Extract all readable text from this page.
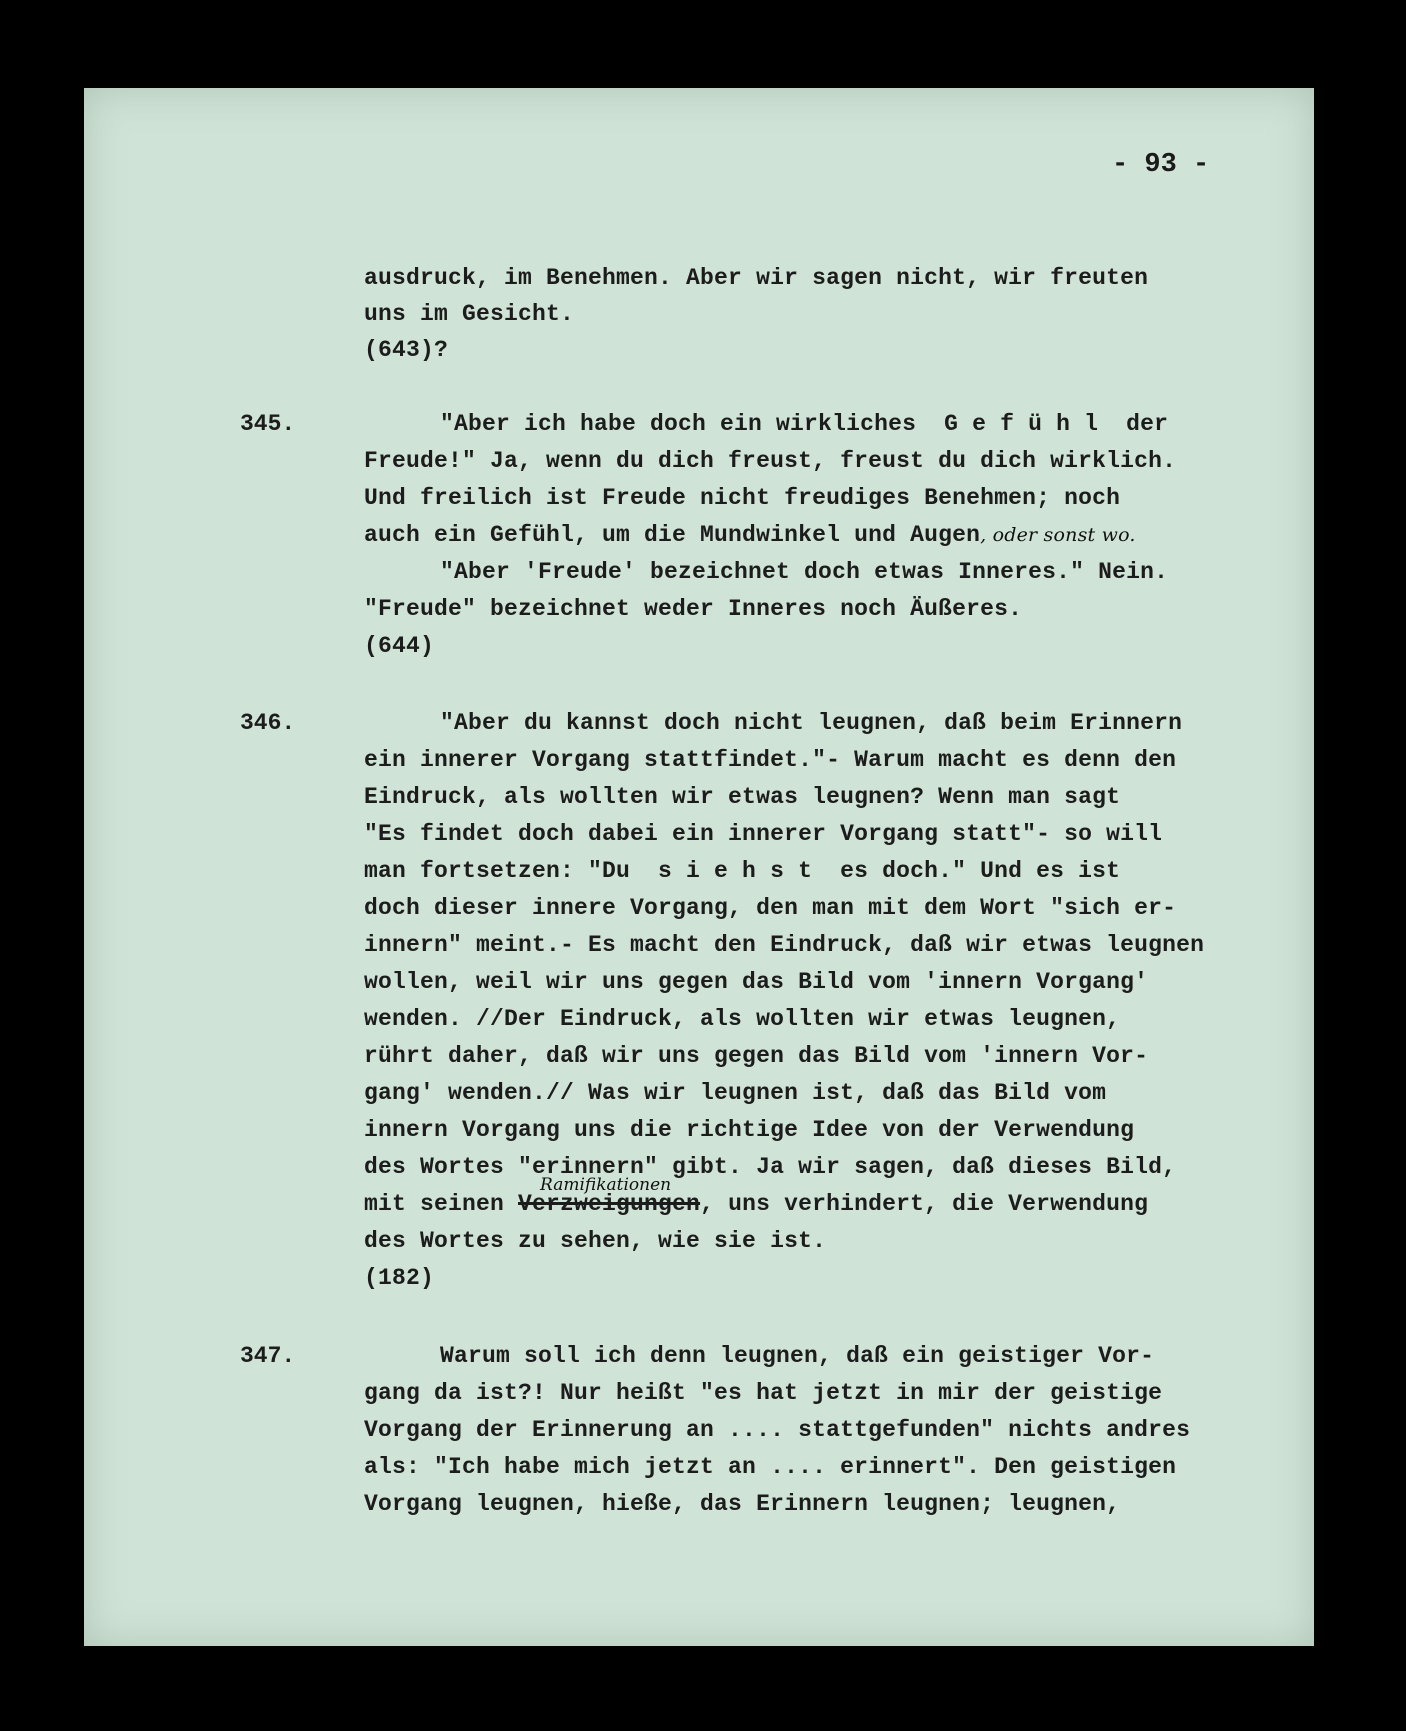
- 93 -
ausdruck, im Benehmen. Aber wir sagen nicht, wir freuten
uns im Gesicht.
(643)?
345.	"Aber ich habe doch ein wirkliches  G e f ü h l  der
Freude!" Ja, wenn du dich freust, freust du dich wirklich.
Und freilich ist Freude nicht freudiges Benehmen; noch
auch ein Gefühl, um die Mundwinkel und Augen, oder sonst wo.
"Aber 'Freude' bezeichnet doch etwas Inneres." Nein.
"Freude" bezeichnet weder Inneres noch Äußeres.
(644)
346.	"Aber du kannst doch nicht leugnen, daß beim Erinnern
ein innerer Vorgang stattfindet."- Warum macht es denn den
Eindruck, als wollten wir etwas leugnen? Wenn man sagt
"Es findet doch dabei ein innerer Vorgang statt"- so will
man fortsetzen: "Du  s i e h s t  es doch." Und es ist
doch dieser innere Vorgang, den man mit dem Wort "sich er-
innern" meint.- Es macht den Eindruck, daß wir etwas leugnen
wollen, weil wir uns gegen das Bild vom 'innern Vorgang'
wenden. //Der Eindruck, als wollten wir etwas leugnen,
rührt daher, daß wir uns gegen das Bild vom 'innern Vor-
gang' wenden.// Was wir leugnen ist, daß das Bild vom
innern Vorgang uns die richtige Idee von der Verwendung
des Wortes "erinnern" gibt. Ja wir sagen, daß dieses Bild,
Ramifikationen
mit seinen Verzweigungen, uns verhindert, die Verwendung
des Wortes zu sehen, wie sie ist.
(182)
347.	Warum soll ich denn leugnen, daß ein geistiger Vor-
gang da ist?! Nur heißt "es hat jetzt in mir der geistige
Vorgang der Erinnerung an .... stattgefunden" nichts andres
als: "Ich habe mich jetzt an .... erinnert". Den geistigen
Vorgang leugnen, hieße, das Erinnern leugnen; leugnen,
